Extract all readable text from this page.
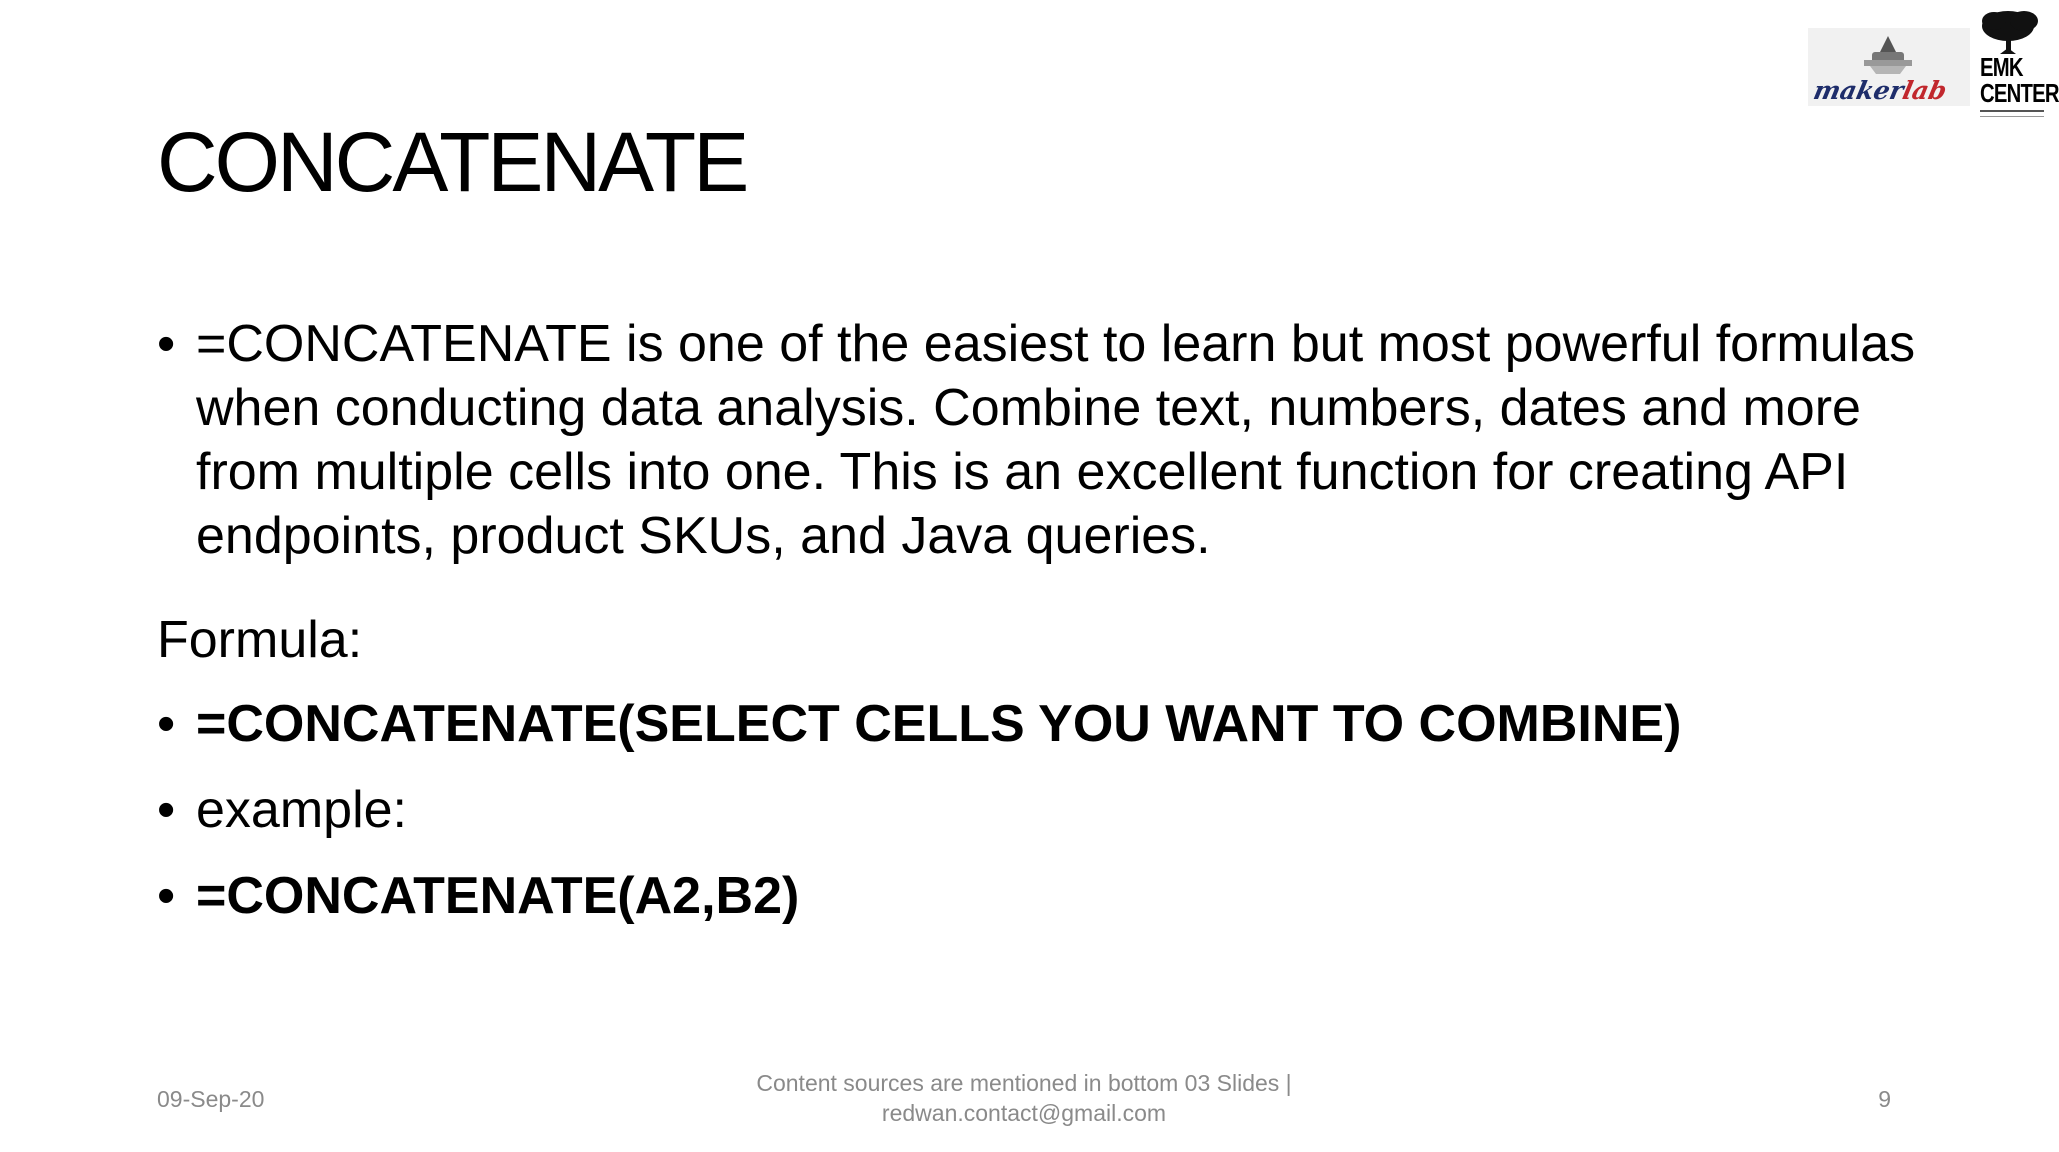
makerlab
EMK
CENTER
CONCATENATE
• =CONCATENATE is one of the easiest to learn but most powerful formulas when conducting data analysis. Combine text, numbers, dates and more from multiple cells into one. This is an excellent function for creating API endpoints, product SKUs, and Java queries.
Formula:
• =CONCATENATE(SELECT CELLS YOU WANT TO COMBINE)
• example:
• =CONCATENATE(A2,B2)
09-Sep-20
Content sources are mentioned in bottom 03 Slides |
redwan.contact@gmail.com
9
